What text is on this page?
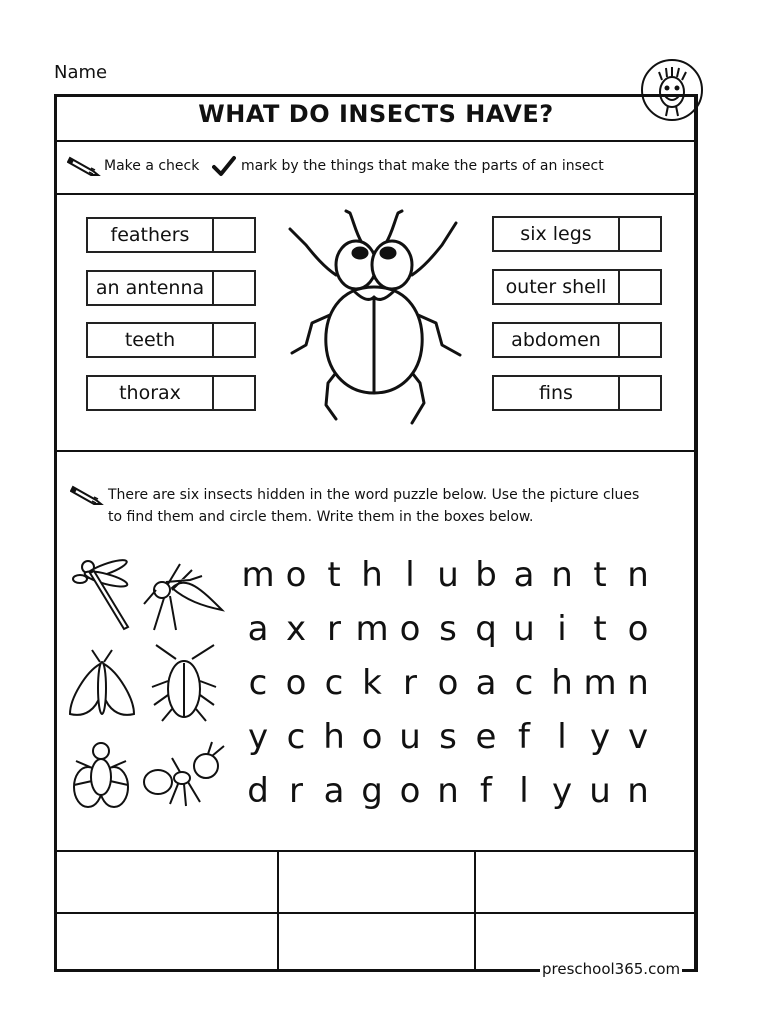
Name
WHAT DO INSECTS HAVE?
Make a check	mark by the things that make the parts of an insect
feathers
an antenna
teeth
thorax
six legs
outer shell
abdomen
fins
There are six insects hidden in the word puzzle below. Use the picture clues
to find them and circle them. Write them in the boxes below.
m o t h l u b a n t n
a x r m o s q u i t o
c o c k r o a c h m n
y c h o u s e f l y v
d r a g o n f l y u n
preschool365.com
